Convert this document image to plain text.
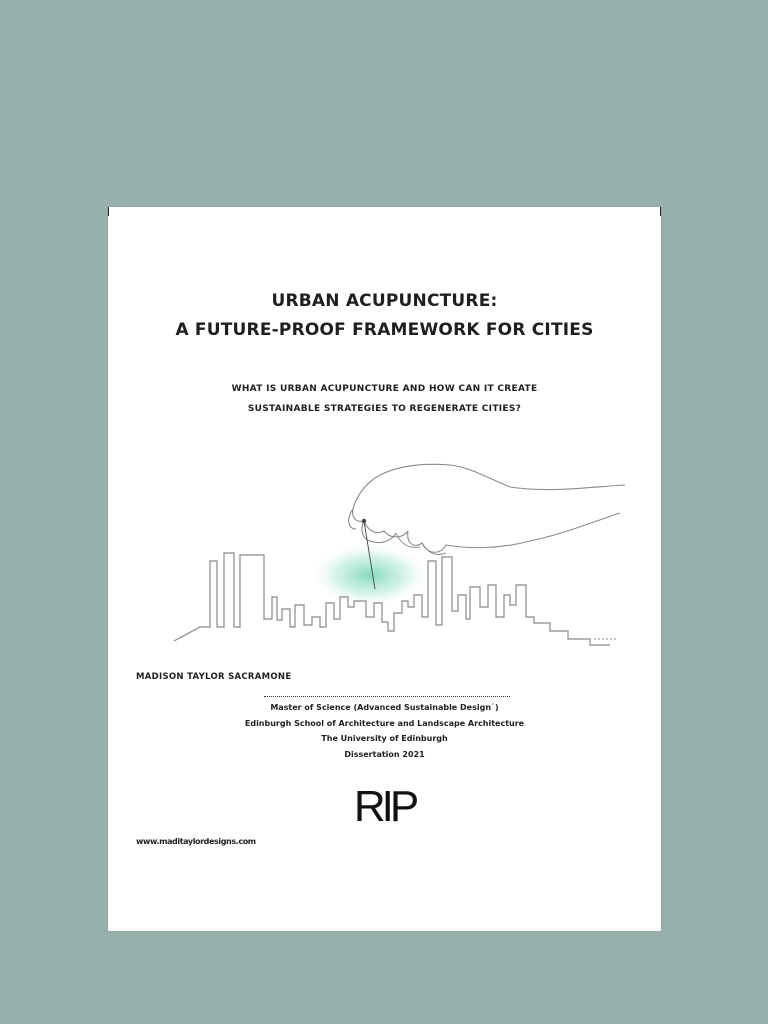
URBAN ACUPUNCTURE:
A FUTURE-PROOF FRAMEWORK FOR CITIES
WHAT IS URBAN ACUPUNCTURE AND HOW CAN IT CREATE
SUSTAINABLE STRATEGIES TO REGENERATE CITIES?
MADISON TAYLOR SACRAMONE
Master of Science (Advanced Sustainable Design˙)
Edinburgh School of Architecture and Landscape Architecture
The University of Edinburgh
Dissertation 2021
RIP
www.maditaylordesigns.com
